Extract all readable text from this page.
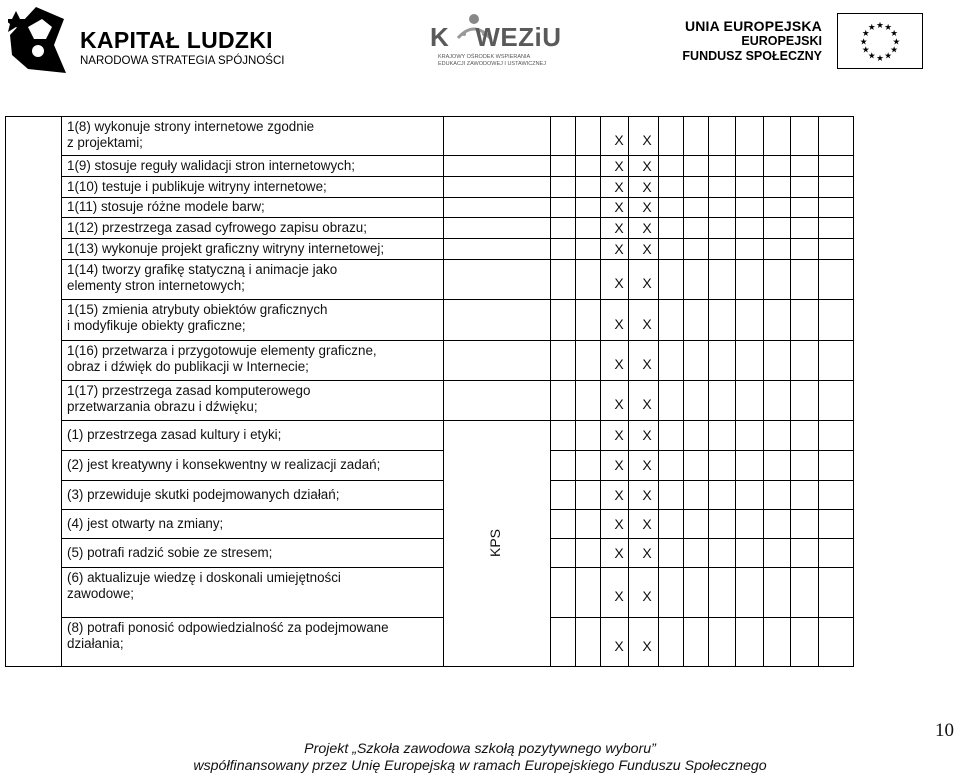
KAPITAŁ LUDZKI
NARODOWA STRATEGIA SPÓJNOŚCI
K WEZiU
KRAJOWY OŚRODEK WSPIERANIA
EDUKACJI ZAWODOWEJ I USTAWICZNEJ
UNIA EUROPEJSKA
EUROPEJSKI
FUNDUSZ SPOŁECZNY
★
★
★
★
★
★
★
★
★ ★ ★
★
1(8) wykonuje strony internetowe zgodnie
z projektami;	X X
1(9) stosuje reguły walidacji stron internetowych;	X X
1(10) testuje i publikuje witryny internetowe;	X X
1(11) stosuje różne modele barw;	X X
1(12) przestrzega zasad cyfrowego zapisu obrazu;	X X
1(13) wykonuje projekt graficzny witryny internetowej;	X X
1(14) tworzy grafikę statyczną i animacje jako
elementy stron internetowych;	X X
1(15) zmienia atrybuty obiektów graficznych
i modyfikuje obiekty graficzne;	X X
1(16) przetwarza i przygotowuje elementy graficzne,
obraz i dźwięk do publikacji w Internecie;	X X
1(17) przestrzega zasad komputerowego
przetwarzania obrazu i dźwięku;	X X
(1) przestrzega zasad kultury i etyki;	X X
(2) jest kreatywny i konsekwentny w realizacji zadań;	X X
(3) przewiduje skutki podejmowanych działań;	X X
(4) jest otwarty na zmiany;	X X
(5) potrafi radzić sobie ze stresem;	X X
(6) aktualizuje wiedzę i doskonali umiejętności
zawodowe;	X X
(8) potrafi ponosić odpowiedzialność za podejmowane
działania;	X X
KPS
10
Projekt „Szkoła zawodowa szkołą pozytywnego wyboru”
współfinansowany przez Unię Europejską w ramach Europejskiego Funduszu Społecznego
